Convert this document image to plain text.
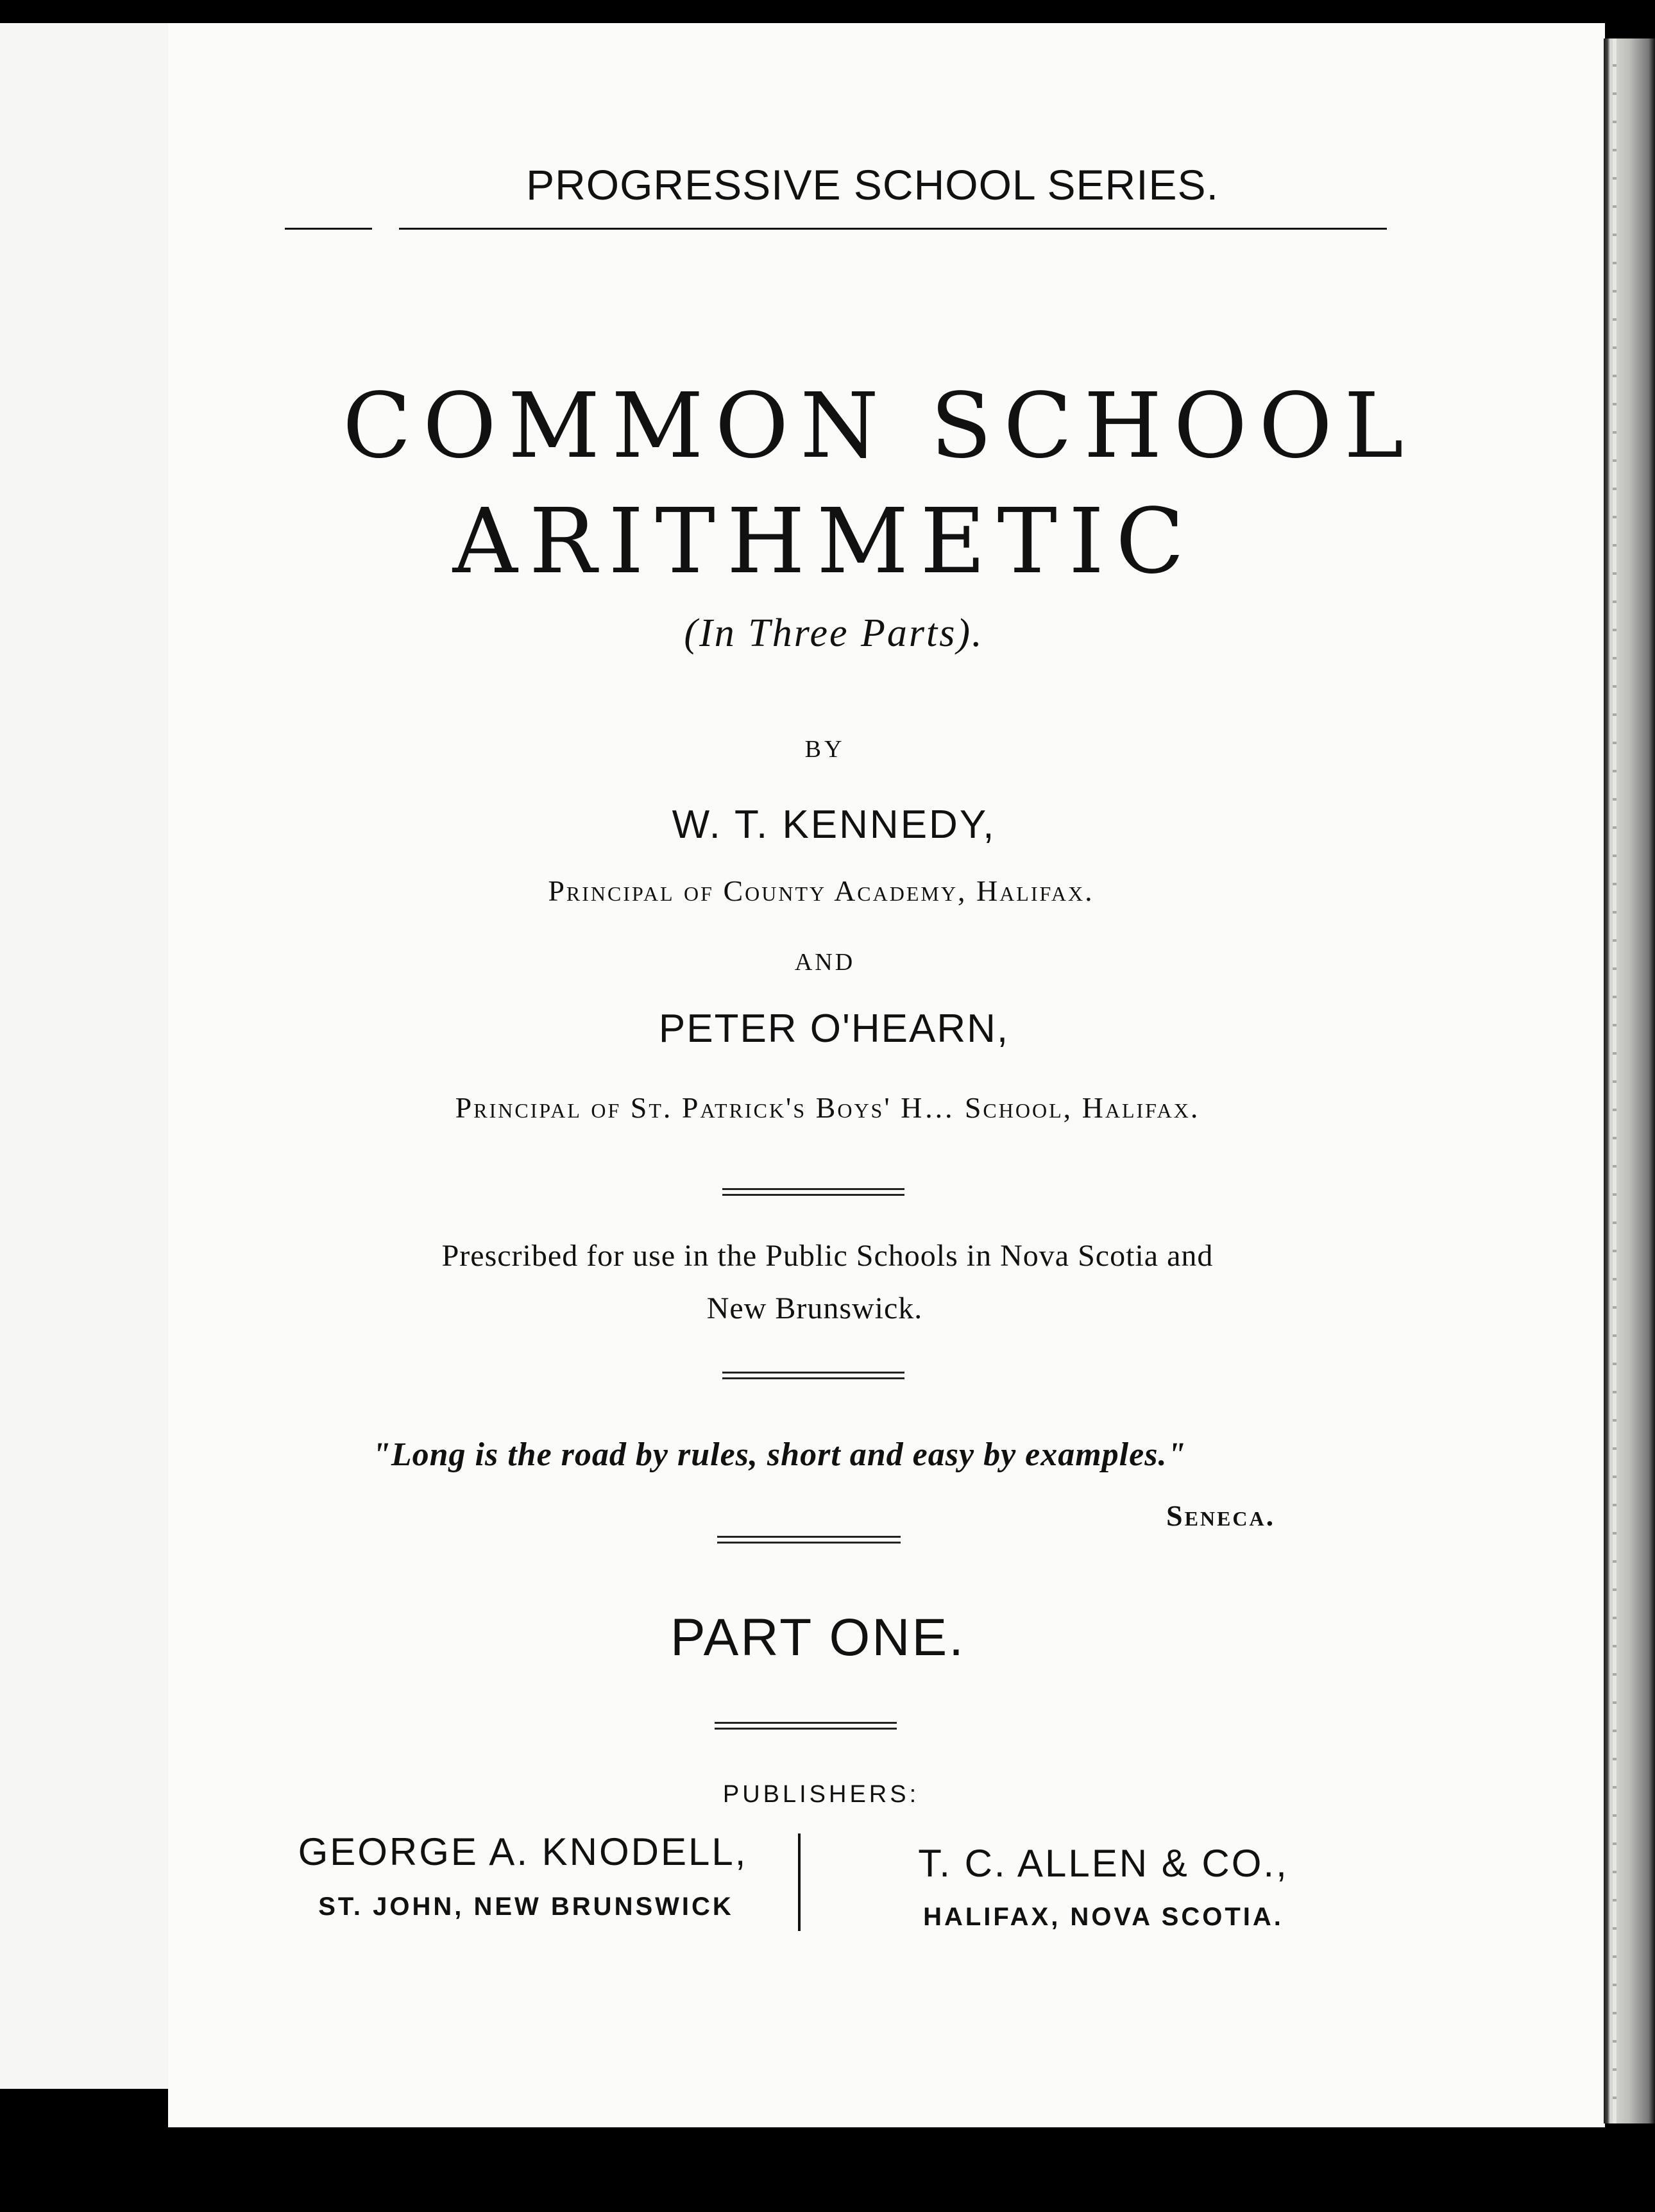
PROGRESSIVE SCHOOL SERIES.
COMMON SCHOOL
ARITHMETIC
(In Three Parts).
BY
W. T. KENNEDY,
Principal of County Academy, Halifax.
AND
PETER O'HEARN,
Principal of St. Patrick's Boys' H… School, Halifax.
Prescribed for use in the Public Schools in Nova Scotia and
New Brunswick.
"Long is the road by rules, short and easy by examples."
Seneca.
PART ONE.
PUBLISHERS:
GEORGE A. KNODELL,
ST. JOHN, NEW BRUNSWICK
T. C. ALLEN & CO.,
HALIFAX, NOVA SCOTIA.
